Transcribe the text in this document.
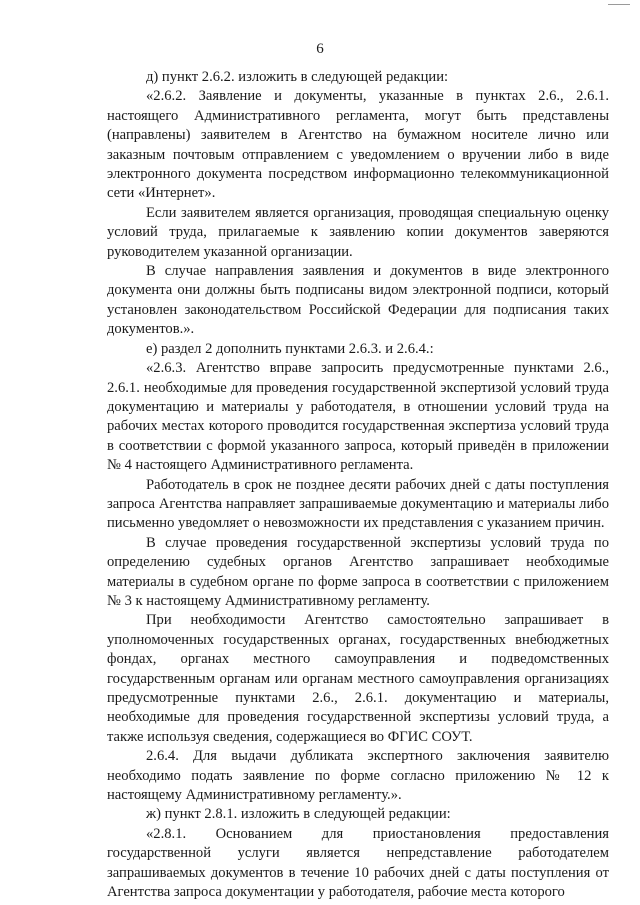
6

д) пункт 2.6.2. изложить в следующей редакции:

«2.6.2. Заявление и документы, указанные в пунктах 2.6., 2.6.1. настоящего Административного регламента, могут быть представлены (направлены) заявителем в Агентство на бумажном носителе лично или заказным почтовым отправлением с уведомлением о вручении либо в виде электронного документа посредством информационно телекоммуникационной сети «Интернет».

Если заявителем является организация, проводящая специальную оценку условий труда, прилагаемые к заявлению копии документов заверяются руководителем указанной организации.

В случае направления заявления и документов в виде электронного документа они должны быть подписаны видом электронной подписи, который установлен законодательством Российской Федерации для подписания таких документов.».

е) раздел 2 дополнить пунктами 2.6.3. и 2.6.4.:

«2.6.3. Агентство вправе запросить предусмотренные пунктами 2.6., 2.6.1. необходимые для проведения государственной экспертизой условий труда документацию и материалы у работодателя, в отношении условий труда на рабочих местах которого проводится государственная экспертиза условий труда в соответствии с формой указанного запроса, который приведён в приложении № 4 настоящего Административного регламента.

Работодатель в срок не позднее десяти рабочих дней с даты поступления запроса Агентства направляет запрашиваемые документацию и материалы либо письменно уведомляет о невозможности их представления с указанием причин.

В случае проведения государственной экспертизы условий труда по определению судебных органов Агентство запрашивает необходимые материалы в судебном органе по форме запроса в соответствии с приложением № 3 к настоящему Административному регламенту.

При необходимости Агентство самостоятельно запрашивает в уполномоченных государственных органах, государственных внебюджетных фондах, органах местного самоуправления и подведомственных государственным органам или органам местного самоуправления организациях предусмотренные пунктами 2.6., 2.6.1. документацию и материалы, необходимые для проведения государственной экспертизы условий труда, а также используя сведения, содержащиеся во ФГИС СОУТ.

2.6.4. Для выдачи дубликата экспертного заключения заявителю необходимо подать заявление по форме согласно приложению № 12 к настоящему Административному регламенту.».

ж) пункт 2.8.1. изложить в следующей редакции:

«2.8.1. Основанием для приостановления предоставления государственной услуги является непредставление работодателем запрашиваемых документов в течение 10 рабочих дней с даты поступления от Агентства запроса документации у работодателя, рабочие места которого
